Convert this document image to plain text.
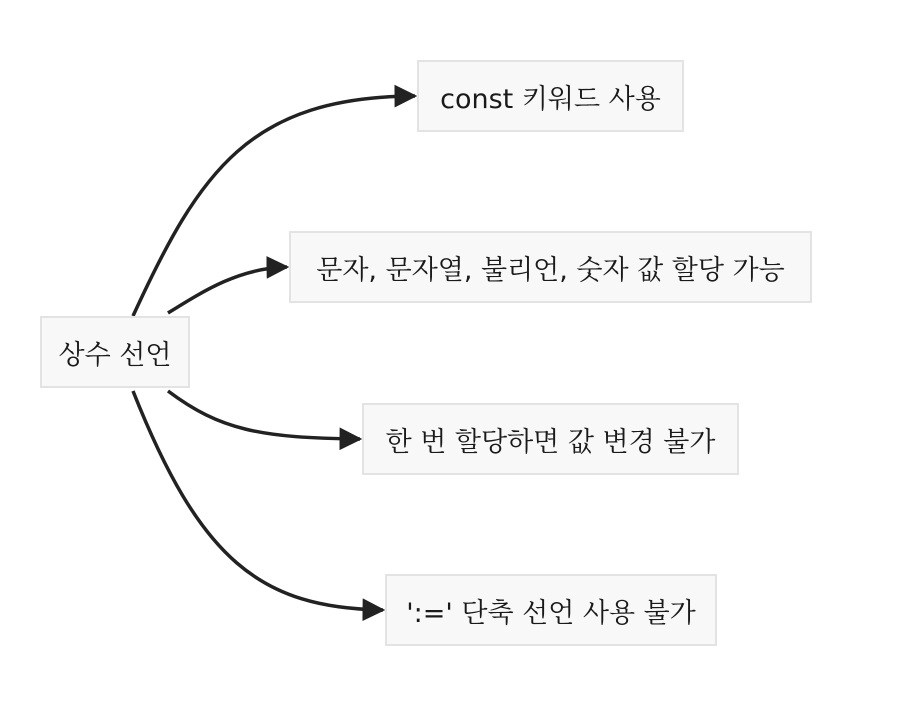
상수 선언
const 키워드 사용
문자, 문자열, 불리언, 숫자 값 할당 가능
한 번 할당하면 값 변경 불가
':=' 단축 선언 사용 불가
